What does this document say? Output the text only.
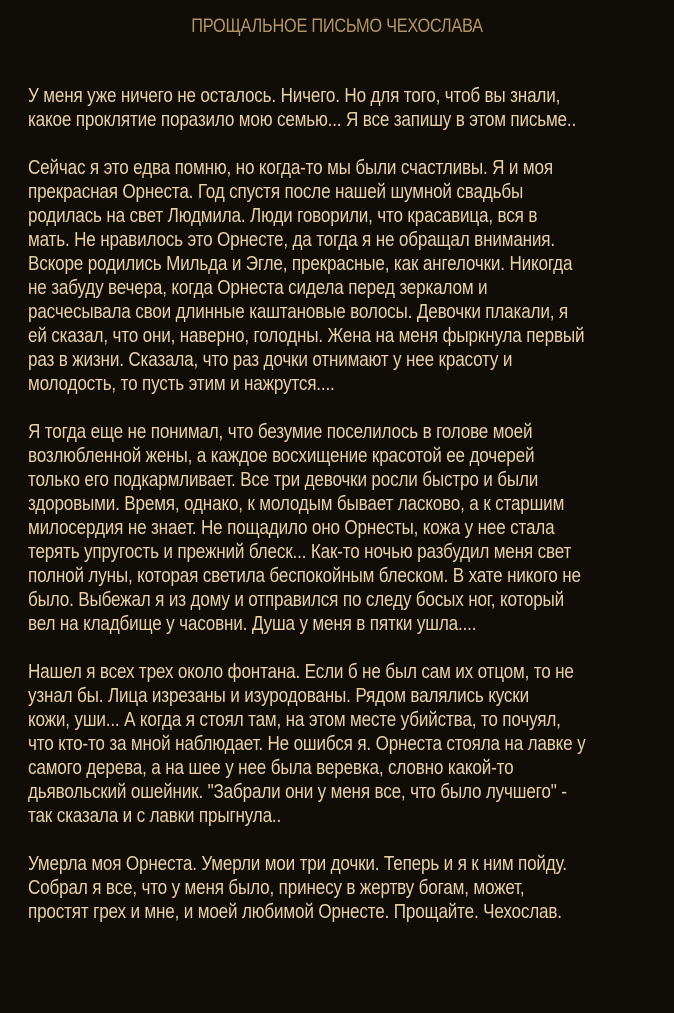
ПРОЩАЛЬНОЕ ПИСЬМО ЧЕХОСЛАВА

У меня уже ничего не осталось. Ничего. Но для того, чтоб вы знали,
какое проклятие поразило мою семью... Я все запишу в этом письме..

Сейчас я это едва помню, но когда-то мы были счастливы. Я и моя
прекрасная Орнеста. Год спустя после нашей шумной свадьбы
родилась на свет Людмила. Люди говорили, что красавица, вся в
мать. Не нравилось это Орнесте, да тогда я не обращал внимания.
Вскоре родились Мильда и Эгле, прекрасные, как ангелочки. Никогда
не забуду вечера, когда Орнеста сидела перед зеркалом и
расчесывала свои длинные каштановые волосы. Девочки плакали, я
ей сказал, что они, наверно, голодны. Жена на меня фыркнула первый
раз в жизни. Сказала, что раз дочки отнимают у нее красоту и
молодость, то пусть этим и нажрутся....

Я тогда еще не понимал, что безумие поселилось в голове моей
возлюбленной жены, а каждое восхищение красотой ее дочерей
только его подкармливает. Все три девочки росли быстро и были
здоровыми. Время, однако, к молодым бывает ласково, а к старшим
милосердия не знает. Не пощадило оно Орнесты, кожа у нее стала
терять упругость и прежний блеск... Как-то ночью разбудил меня свет
полной луны, которая светила беспокойным блеском. В хате никого не
было. Выбежал я из дому и отправился по следу босых ног, который
вел на кладбище у часовни. Душа у меня в пятки ушла....

Нашел я всех трех около фонтана. Если б не был сам их отцом, то не
узнал бы. Лица изрезаны и изуродованы. Рядом валялись куски
кожи, уши... А когда я стоял там, на этом месте убийства, то почуял,
что кто-то за мной наблюдает. Не ошибся я. Орнеста стояла на лавке у
самого дерева, а на шее у нее была веревка, словно какой-то
дьявольский ошейник. "Забрали они у меня все, что было лучшего" -
так сказала и с лавки прыгнула..

Умерла моя Орнеста. Умерли мои три дочки. Теперь и я к ним пойду.
Собрал я все, что у меня было, принесу в жертву богам, может,
простят грех и мне, и моей любимой Орнесте. Прощайте. Чехослав.
